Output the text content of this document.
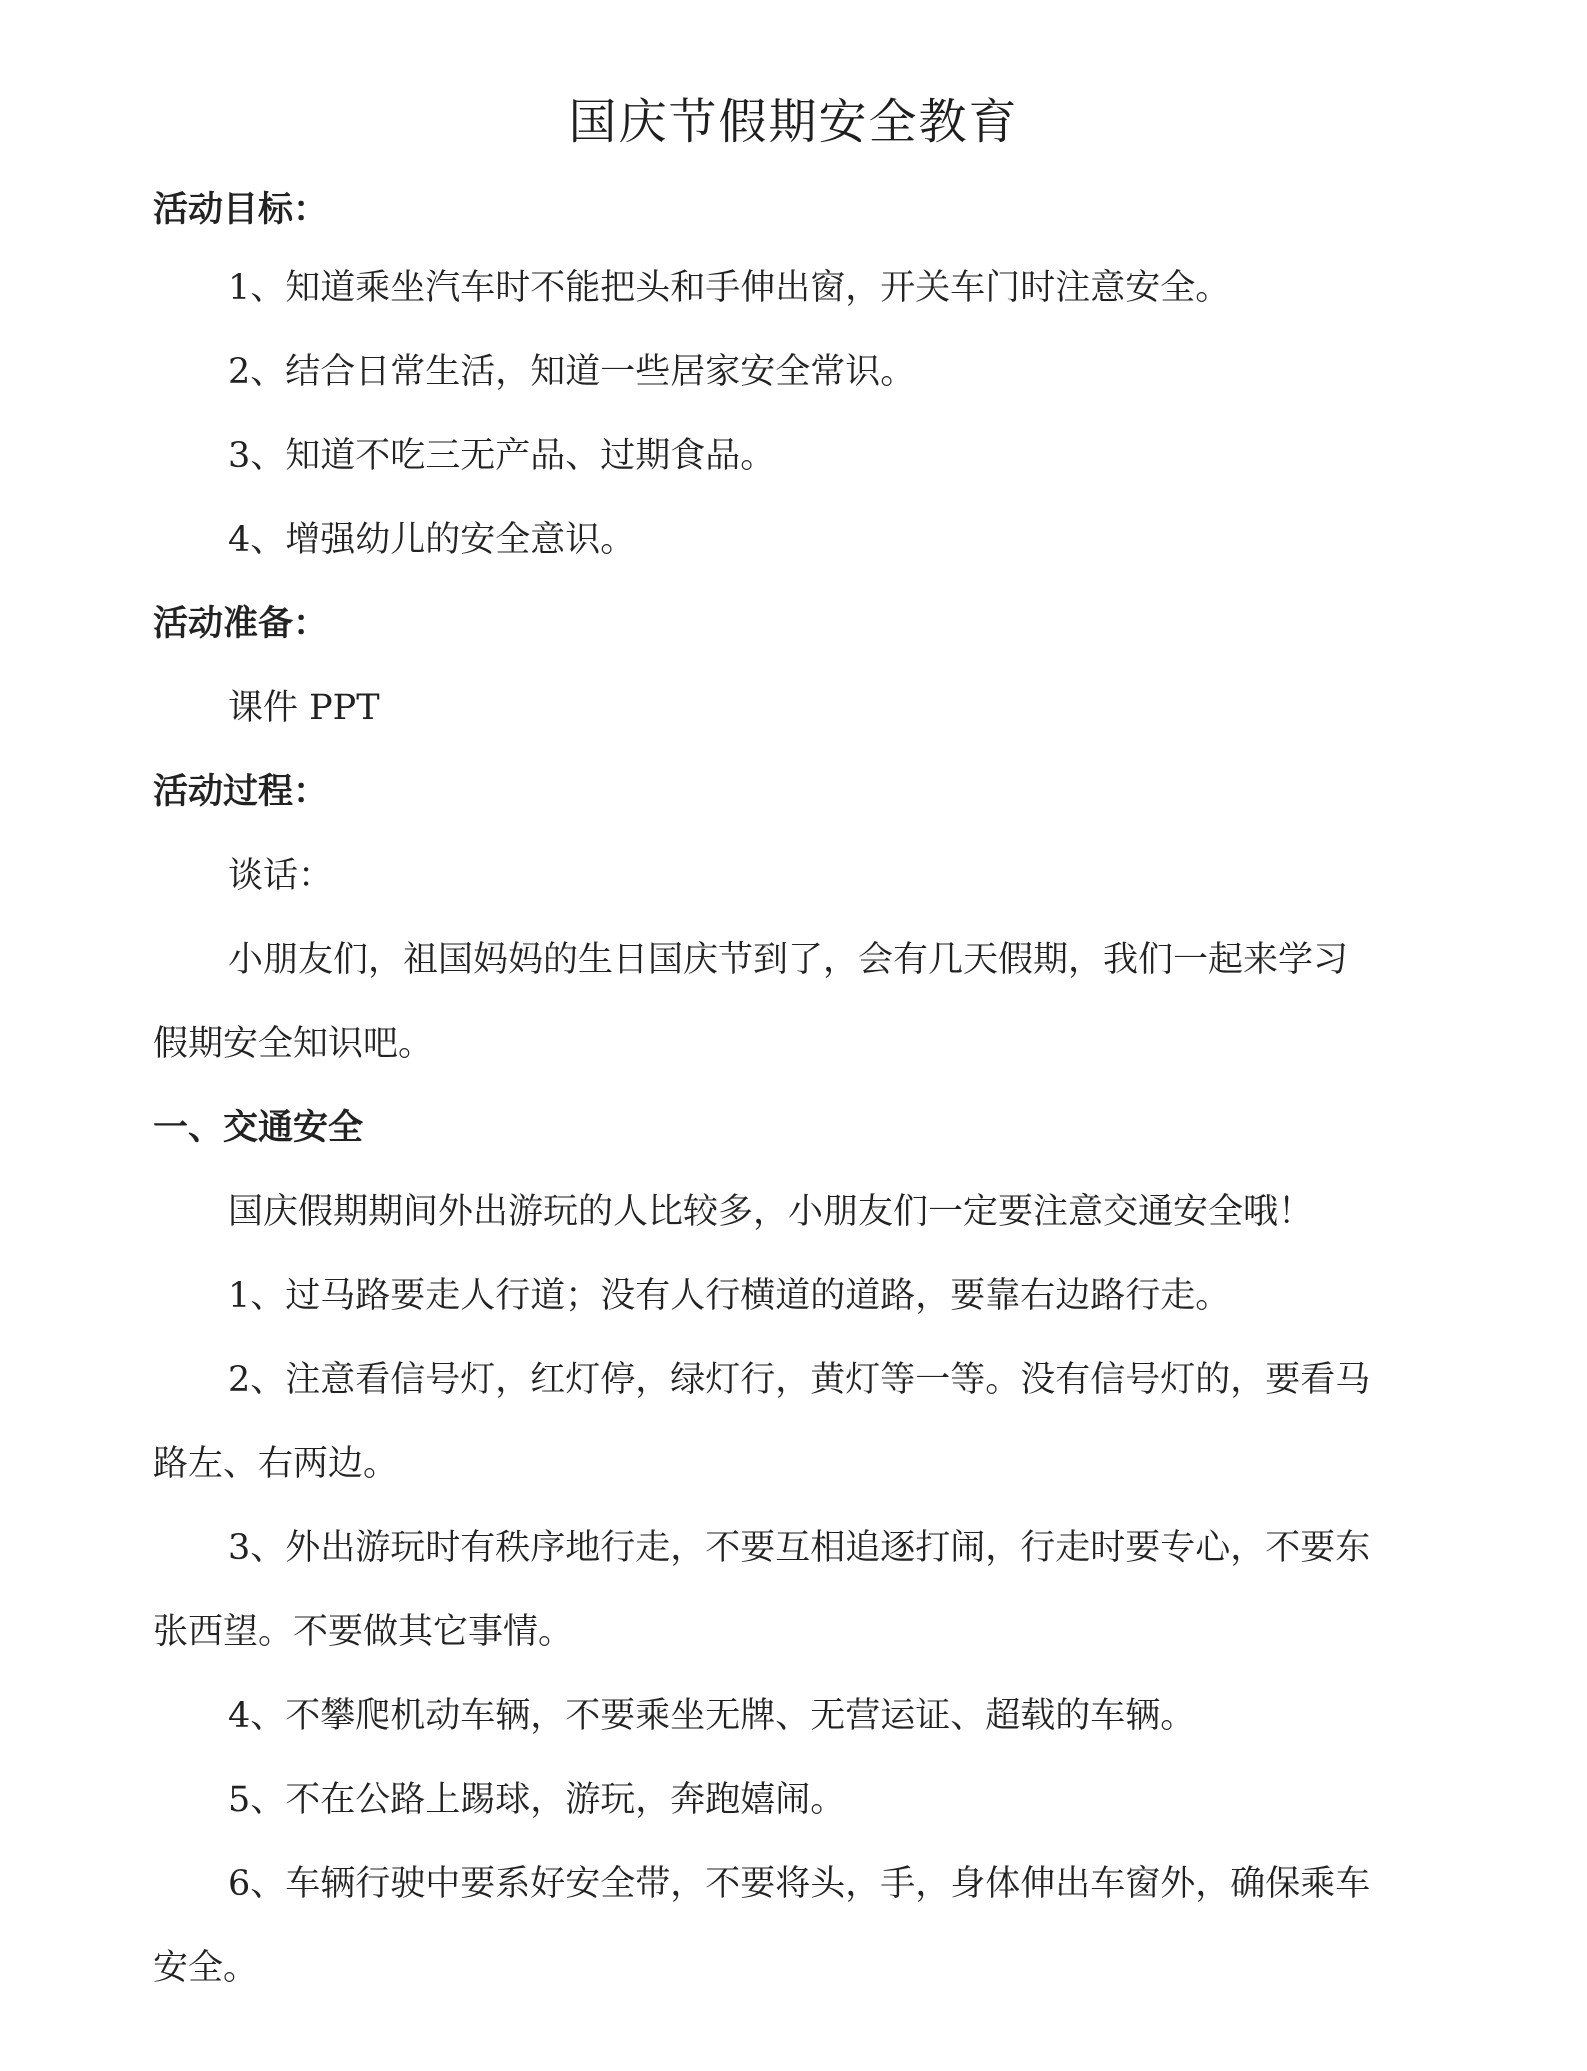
国庆节假期安全教育
活动目标：
1、知道乘坐汽车时不能把头和手伸出窗，开关车门时注意安全。
2、结合日常生活，知道一些居家安全常识。
3、知道不吃三无产品、过期食品。
4、增强幼儿的安全意识。
活动准备：
课件 PPT
活动过程：
谈话：
小朋友们，祖国妈妈的生日国庆节到了，会有几天假期，我们一起来学习
假期安全知识吧。
一、交通安全
国庆假期期间外出游玩的人比较多，小朋友们一定要注意交通安全哦！
1、过马路要走人行道；没有人行横道的道路，要靠右边路行走。
2、注意看信号灯，红灯停，绿灯行，黄灯等一等。没有信号灯的，要看马
路左、右两边。
3、外出游玩时有秩序地行走，不要互相追逐打闹，行走时要专心，不要东
张西望。不要做其它事情。
4、不攀爬机动车辆，不要乘坐无牌、无营运证、超载的车辆。
5、不在公路上踢球，游玩，奔跑嬉闹。
6、车辆行驶中要系好安全带，不要将头，手，身体伸出车窗外，确保乘车
安全。
